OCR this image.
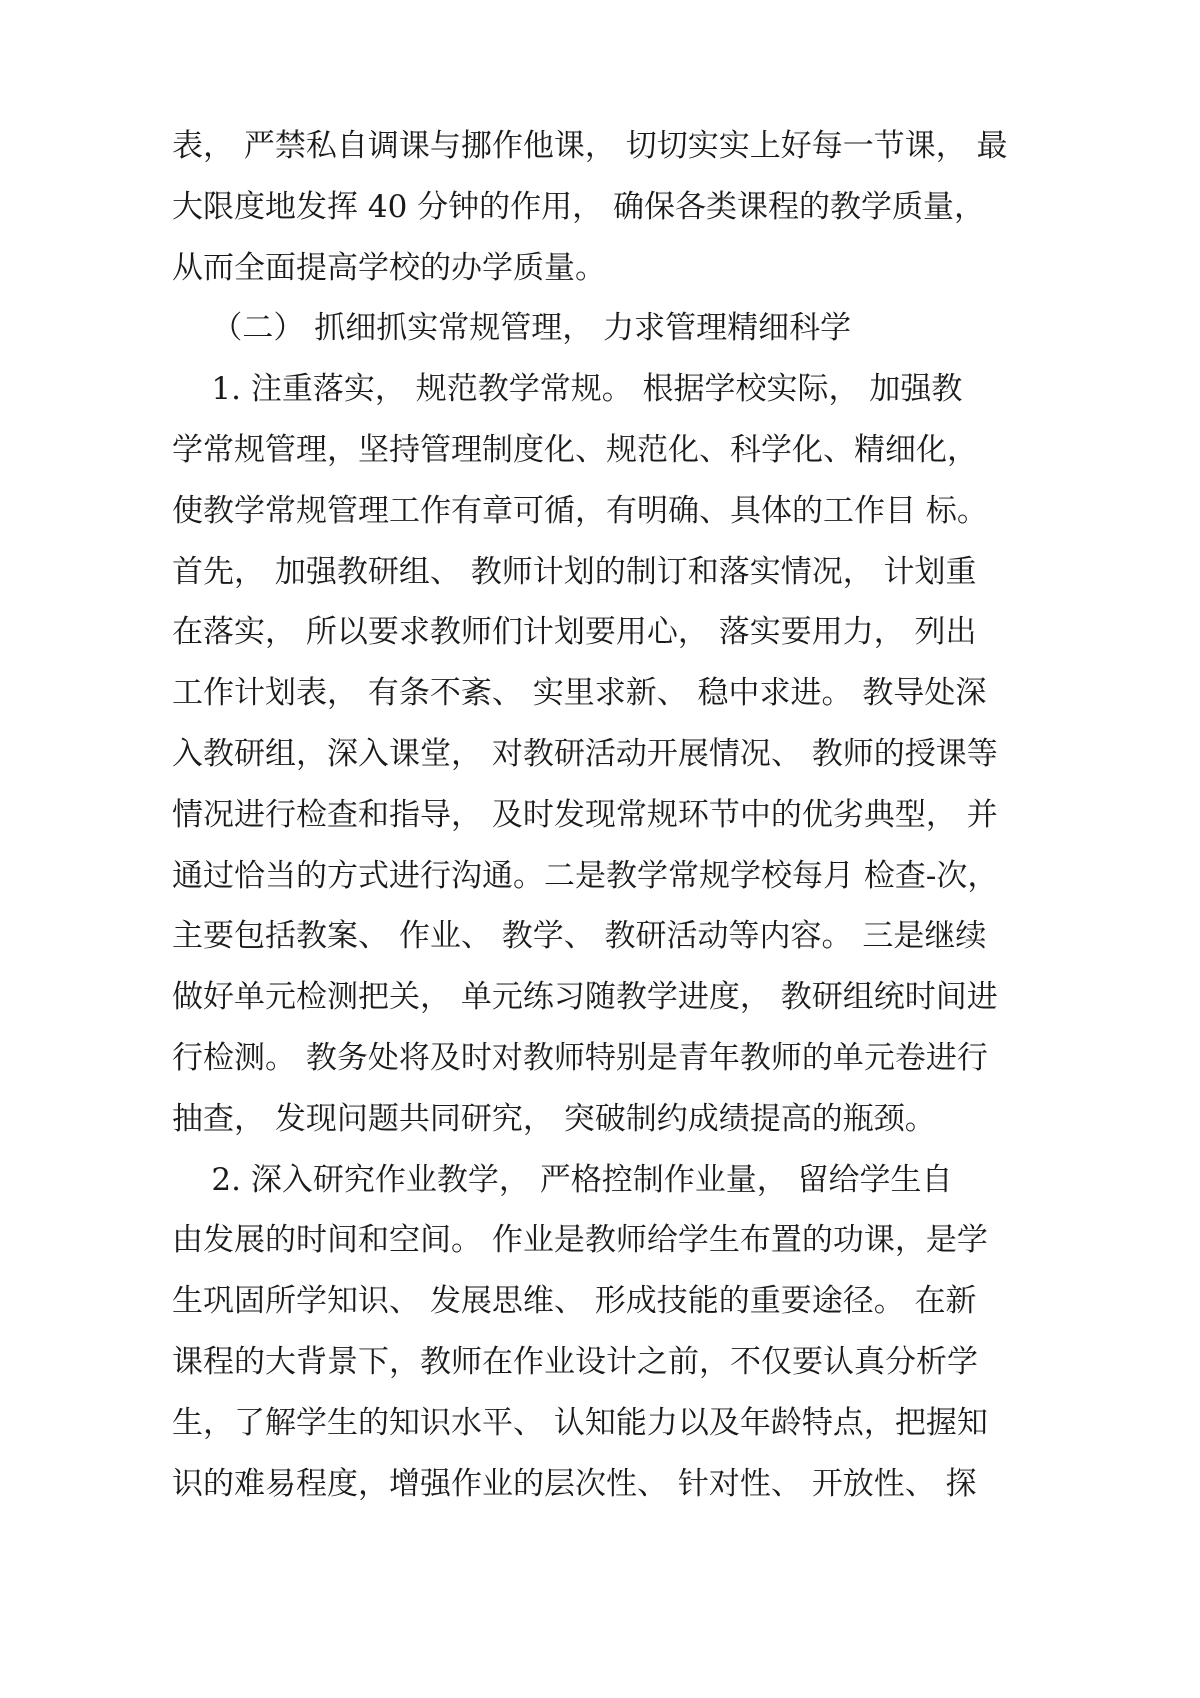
表， 严禁私自调课与挪作他课， 切切实实上好每一节课， 最
大限度地发挥 40 分钟的作用， 确保各类课程的教学质量，
从而全面提高学校的办学质量。
（二） 抓细抓实常规管理， 力求管理精细科学
1. 注重落实， 规范教学常规。 根据学校实际， 加强教
学常规管理，坚持管理制度化、规范化、科学化、精细化，
使教学常规管理工作有章可循，有明确、具体的工作目 标。
首先， 加强教研组、 教师计划的制订和落实情况， 计划重
在落实， 所以要求教师们计划要用心， 落实要用力， 列出
工作计划表， 有条不紊、 实里求新、 稳中求进。 教导处深
入教研组，深入课堂， 对教研活动开展情况、 教师的授课等
情况进行检查和指导， 及时发现常规环节中的优劣典型， 并
通过恰当的方式进行沟通。二是教学常规学校每月 检查-次，
主要包括教案、 作业、 教学、 教研活动等内容。 三是继续
做好单元检测把关， 单元练习随教学进度， 教研组统时间进
行检测。 教务处将及时对教师特别是青年教师的单元卷进行
抽查， 发现问题共同研究， 突破制约成绩提高的瓶颈。
2. 深入研究作业教学， 严格控制作业量， 留给学生自
由发展的时间和空间。 作业是教师给学生布置的功课，是学
生巩固所学知识、 发展思维、 形成技能的重要途径。 在新
课程的大背景下，教师在作业设计之前，不仅要认真分析学
生，了解学生的知识水平、 认知能力以及年龄特点，把握知
识的难易程度，增强作业的层次性、 针对性、 开放性、 探
